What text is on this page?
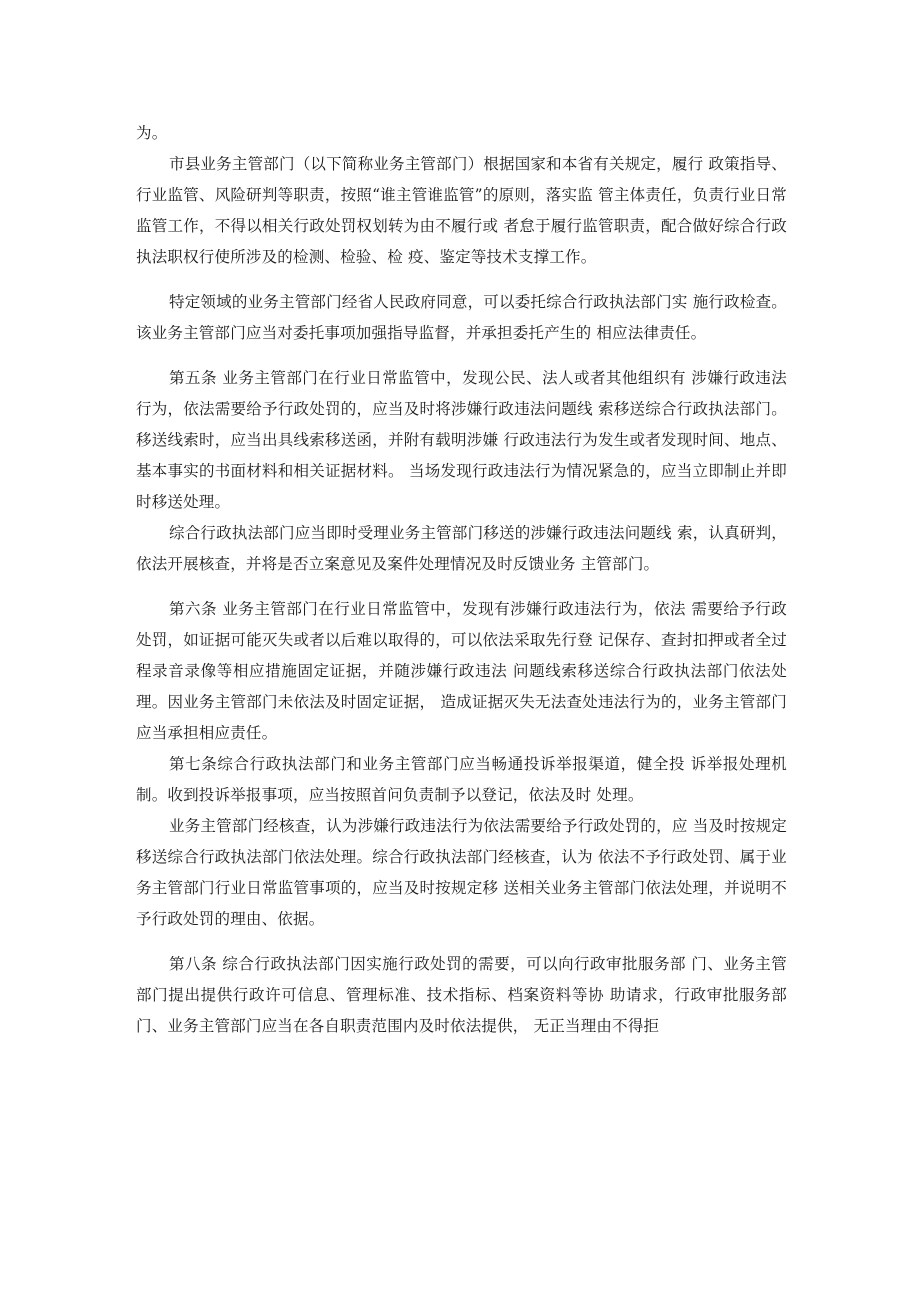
为。

市县业务主管部门（以下简称业务主管部门）根据国家和本省有关规定，履行 政策指导、行业监管、风险研判等职责，按照“谁主管谁监管”的原则，落实监 管主体责任，负责行业日常监管工作，不得以相关行政处罚权划转为由不履行或 者怠于履行监管职责，配合做好综合行政执法职权行使所涉及的检测、检验、检 疫、鉴定等技术支撑工作。

特定领域的业务主管部门经省人民政府同意，可以委托综合行政执法部门实 施行政检查。该业务主管部门应当对委托事项加强指导监督，并承担委托产生的 相应法律责任。

第五条 业务主管部门在行业日常监管中，发现公民、法人或者其他组织有 涉嫌行政违法行为，依法需要给予行政处罚的，应当及时将涉嫌行政违法问题线 索移送综合行政执法部门。移送线索时，应当出具线索移送函，并附有载明涉嫌 行政违法行为发生或者发现时间、地点、基本事实的书面材料和相关证据材料。 当场发现行政违法行为情况紧急的，应当立即制止并即时移送处理。

综合行政执法部门应当即时受理业务主管部门移送的涉嫌行政违法问题线 索，认真研判，依法开展核查，并将是否立案意见及案件处理情况及时反馈业务 主管部门。

第六条 业务主管部门在行业日常监管中，发现有涉嫌行政违法行为，依法 需要给予行政处罚，如证据可能灭失或者以后难以取得的，可以依法采取先行登 记保存、查封扣押或者全过程录音录像等相应措施固定证据，并随涉嫌行政违法 问题线索移送综合行政执法部门依法处理。因业务主管部门未依法及时固定证据， 造成证据灭失无法查处违法行为的，业务主管部门应当承担相应责任。

第七条综合行政执法部门和业务主管部门应当畅通投诉举报渠道，健全投 诉举报处理机制。收到投诉举报事项，应当按照首问负责制予以登记，依法及时 处理。

业务主管部门经核查，认为涉嫌行政违法行为依法需要给予行政处罚的，应 当及时按规定移送综合行政执法部门依法处理。综合行政执法部门经核查，认为 依法不予行政处罚、属于业务主管部门行业日常监管事项的，应当及时按规定移 送相关业务主管部门依法处理，并说明不予行政处罚的理由、依据。

第八条 综合行政执法部门因实施行政处罚的需要，可以向行政审批服务部 门、业务主管部门提出提供行政许可信息、管理标准、技术指标、档案资料等协 助请求，行政审批服务部门、业务主管部门应当在各自职责范围内及时依法提供， 无正当理由不得拒
